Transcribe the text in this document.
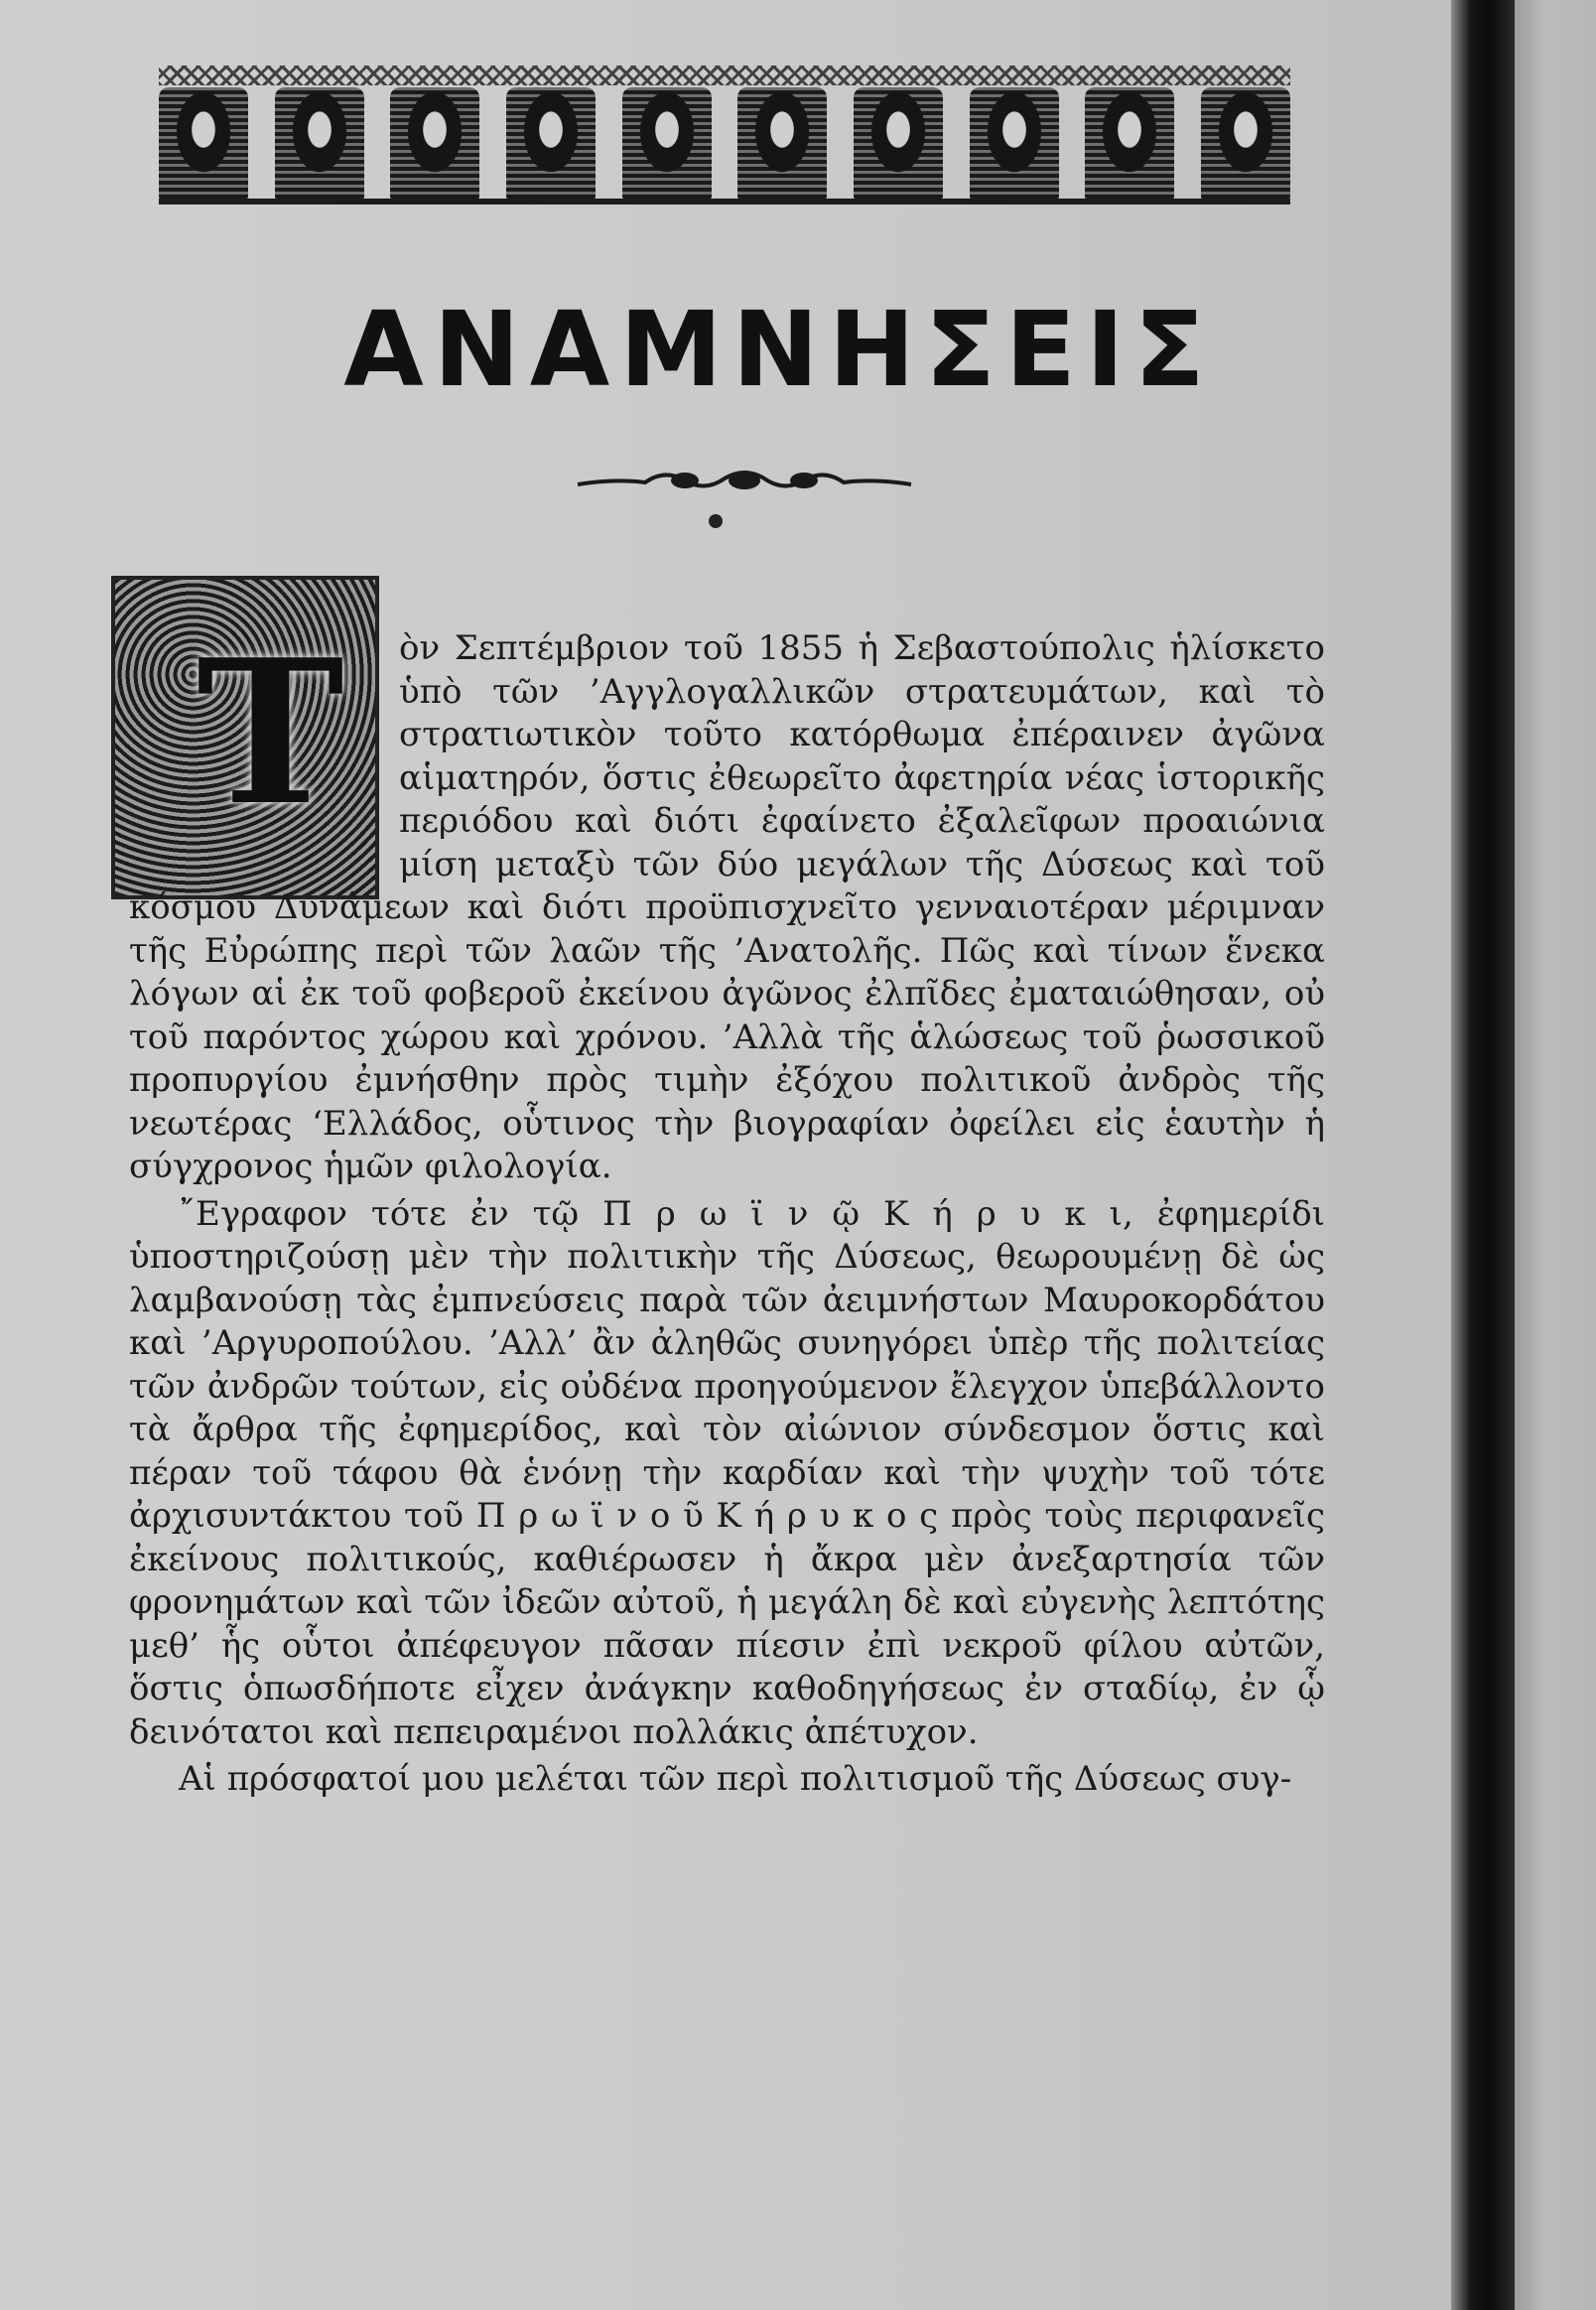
ΑΝΑΜΝΗΣΕΙΣ
Τ	ὸν Σεπτέμβριον τοῦ 1855 ἡ Σεβαστούπολις ἡλίσκετο ὑπὸ τῶν ’Αγγλογαλλικῶν στρατευμάτων, καὶ τὸ στρατιωτικὸν τοῦτο κατόρθωμα ἐπέραινεν ἀγῶνα αἱματηρόν, ὅστις ἐθεωρεῖτο ἀφετηρία νέας ἱστορικῆς περιόδου καὶ διότι ἐφαίνετο ἐξαλεῖφων προαιώνια μίση μεταξὺ τῶν δύο μεγάλων τῆς Δύσεως καὶ τοῦ κόσμου Δυνάμεων καὶ διότι προϋπισχνεῖτο γενναιοτέραν μέριμναν τῆς Εὐρώπης περὶ τῶν λαῶν τῆς ’Ανατολῆς. Πῶς καὶ τίνων ἕνεκα λόγων αἱ ἐκ τοῦ φοβεροῦ ἐκείνου ἀγῶνος ἐλπῖδες ἐματαιώθησαν, οὐ τοῦ παρόντος χώρου καὶ χρόνου. ’Αλλὰ τῆς ἁλώσεως τοῦ ῥωσσικοῦ προπυργίου ἐμνήσθην πρὸς τιμὴν ἐξόχου πολιτικοῦ ἀνδρὸς τῆς νεωτέρας ‘Ελλάδος, οὗτινος τὴν βιογραφίαν ὀφείλει εἰς ἑαυτὴν ἡ σύγχρονος ἡμῶν φιλολογία.

῎Εγραφον τότε ἐν τῷ Π ρ ω ϊ ν ῷ Κ ή ρ υ κ ι, ἐφημερίδι ὑποστηριζούσῃ μὲν τὴν πολιτικὴν τῆς Δύσεως, θεωρουμένῃ δὲ ὡς λαμβανούσῃ τὰς ἐμπνεύσεις παρὰ τῶν ἀειμνήστων Μαυροκορδάτου καὶ ’Αργυροπούλου. ’Αλλ’ ἂν ἀληθῶς συνηγόρει ὑπὲρ τῆς πολιτείας τῶν ἀνδρῶν τούτων, εἰς οὐδένα προηγούμενον ἔλεγχον ὑπεβάλλοντο τὰ ἄρθρα τῆς ἐφημερίδος, καὶ τὸν αἰώνιον σύνδεσμον ὅστις καὶ πέραν τοῦ τάφου θὰ ἑνόνῃ τὴν καρδίαν καὶ τὴν ψυχὴν τοῦ τότε ἀρχισυντάκτου τοῦ Π ρ ω ϊ ν ο ῦ Κ ή ρ υ κ ο ς πρὸς τοὺς περιφανεῖς ἐκείνους πολιτικούς, καθιέρωσεν ἡ ἄκρα μὲν ἀνεξαρτησία τῶν φρονημάτων καὶ τῶν ἰδεῶν αὐτοῦ, ἡ μεγάλη δὲ καὶ εὐγενὴς λεπτότης μεθ’ ἧς οὗτοι ἀπέφευγον πᾶσαν πίεσιν ἐπὶ νεκροῦ φίλου αὐτῶν, ὅστις ὁπωσδήποτε εἶχεν ἀνάγκην καθοδηγήσεως ἐν σταδίῳ, ἐν ᾧ δεινότατοι καὶ πεπειραμένοι πολλάκις ἀπέτυχον.

Αἱ πρόσφατοί μου μελέται τῶν περὶ πολιτισμοῦ τῆς Δύσεως συγ-
